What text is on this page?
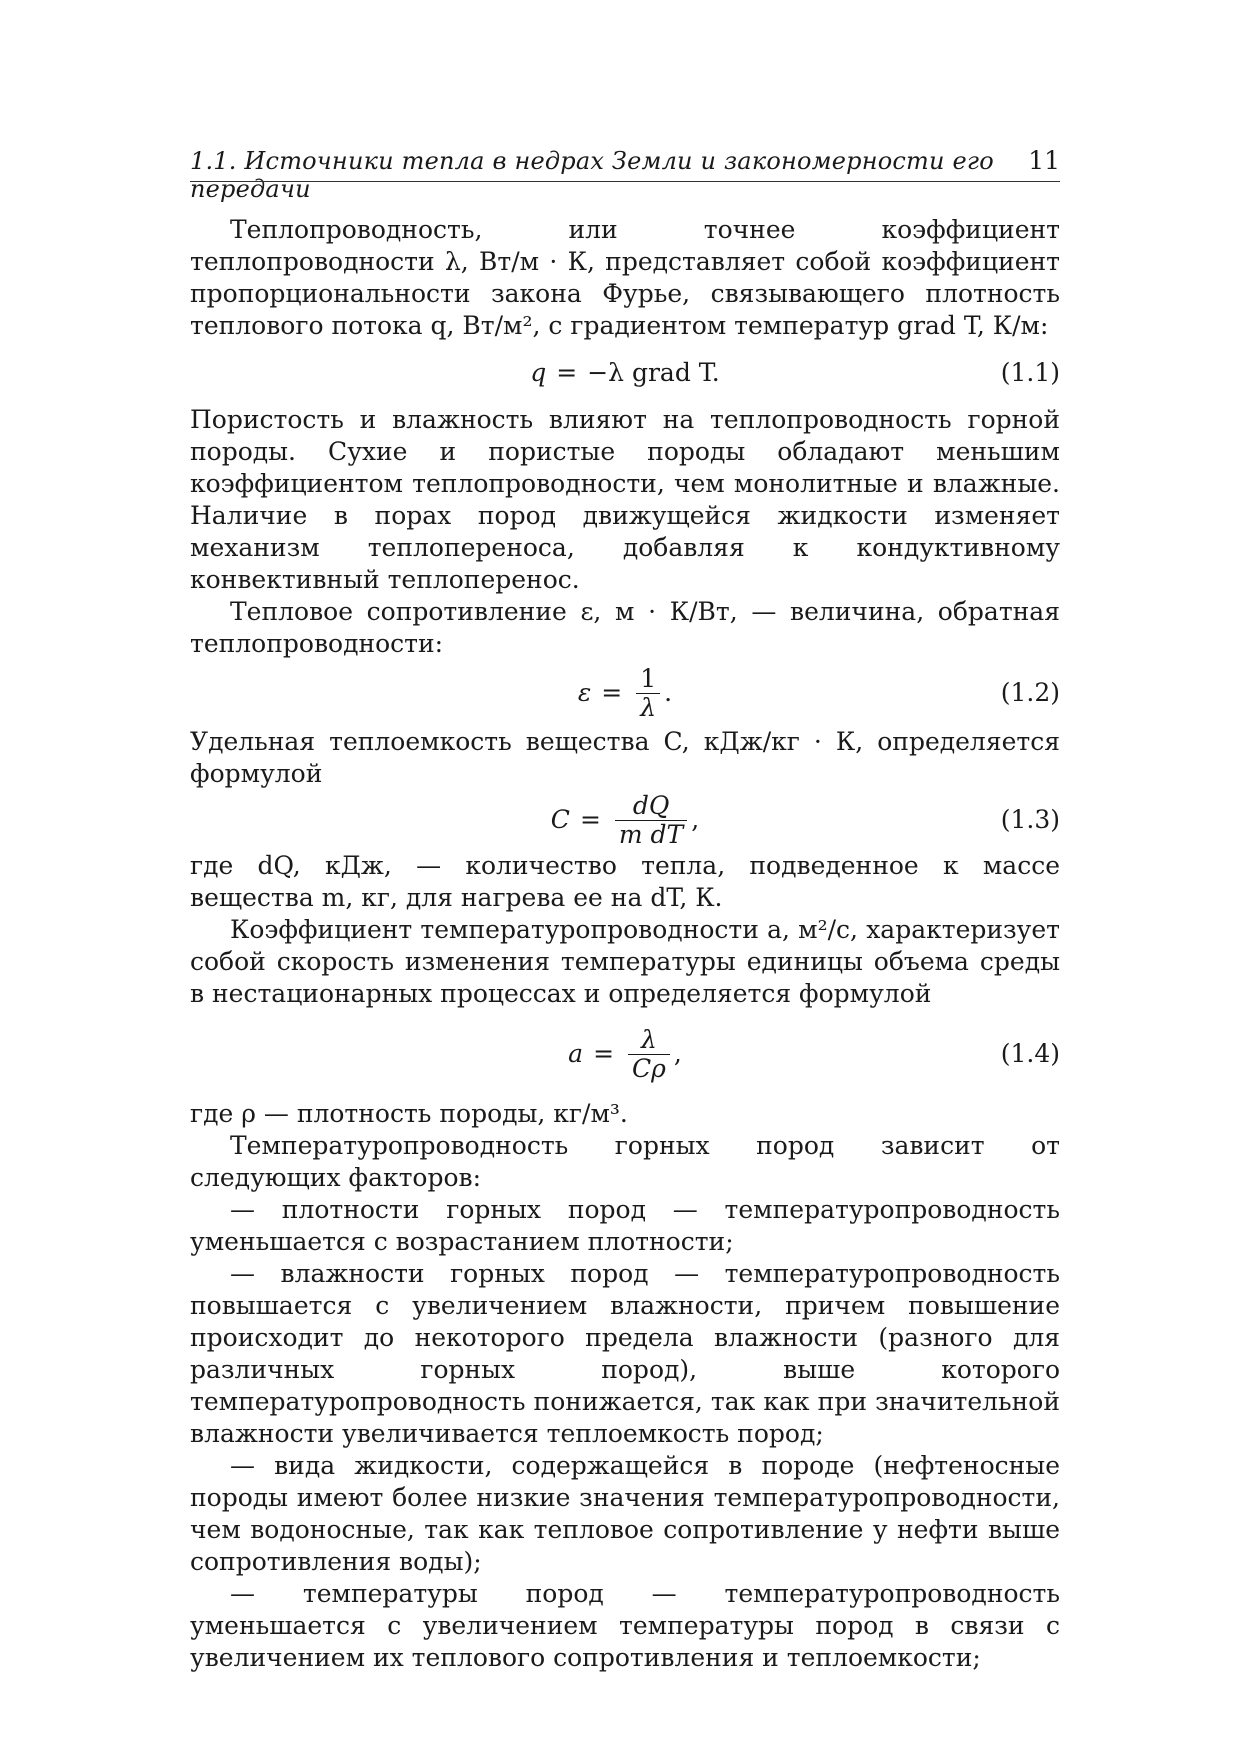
1.1. Источники тепла в недрах Земли и закономерности его передачи
11

Теплопроводность, или точнее коэффициент теплопроводности λ, Вт/м · К, представляет собой коэффициент пропорциональности закона Фурье, связывающего плотность теплового потока q, Вт/м², с градиентом температур grad T, К/м:

q = −λ grad T.	(1.1)

Пористость и влажность влияют на теплопроводность горной породы. Сухие и пористые породы обладают меньшим коэффициентом теплопроводности, чем монолитные и влажные. Наличие в порах пород движущейся жидкости изменяет механизм теплопереноса, добавляя к кондуктивному конвективный теплоперенос.

Тепловое сопротивление ε, м · К/Вт, — величина, обратная теплопроводности:

$\varepsilon = \frac{1}{\lambda}$ .	(1.2)

Удельная теплоемкость вещества C, кДж/кг · К, определяется формулой

$C = \frac{dQ}{\text{m dT}}$ ,	(1.3)

где dQ, кДж, — количество тепла, подведенное к массе вещества m, кг, для нагрева ее на dT, К.

Коэффициент температуропроводности a, м²/с, характеризует собой скорость изменения температуры единицы объема среды в нестационарных процессах и определяется формулой

$a = \frac{\lambda}{C\rho}$ ,	(1.4)

где ρ — плотность породы, кг/м³.

Температуропроводность горных пород зависит от следующих факторов:

— плотности горных пород — температуропроводность уменьшается с возрастанием плотности;

— влажности горных пород — температуропроводность повышается с увеличением влажности, причем повышение происходит до некоторого предела влажности (разного для различных горных пород), выше которого температуропроводность понижается, так как при значительной влажности увеличивается теплоемкость пород;

— вида жидкости, содержащейся в породе (нефтеносные породы имеют более низкие значения температуропроводности, чем водоносные, так как тепловое сопротивление у нефти выше сопротивления воды);

— температуры пород — температуропроводность уменьшается с увеличением температуры пород в связи с увеличением их теплового сопротивления и теплоемкости;
